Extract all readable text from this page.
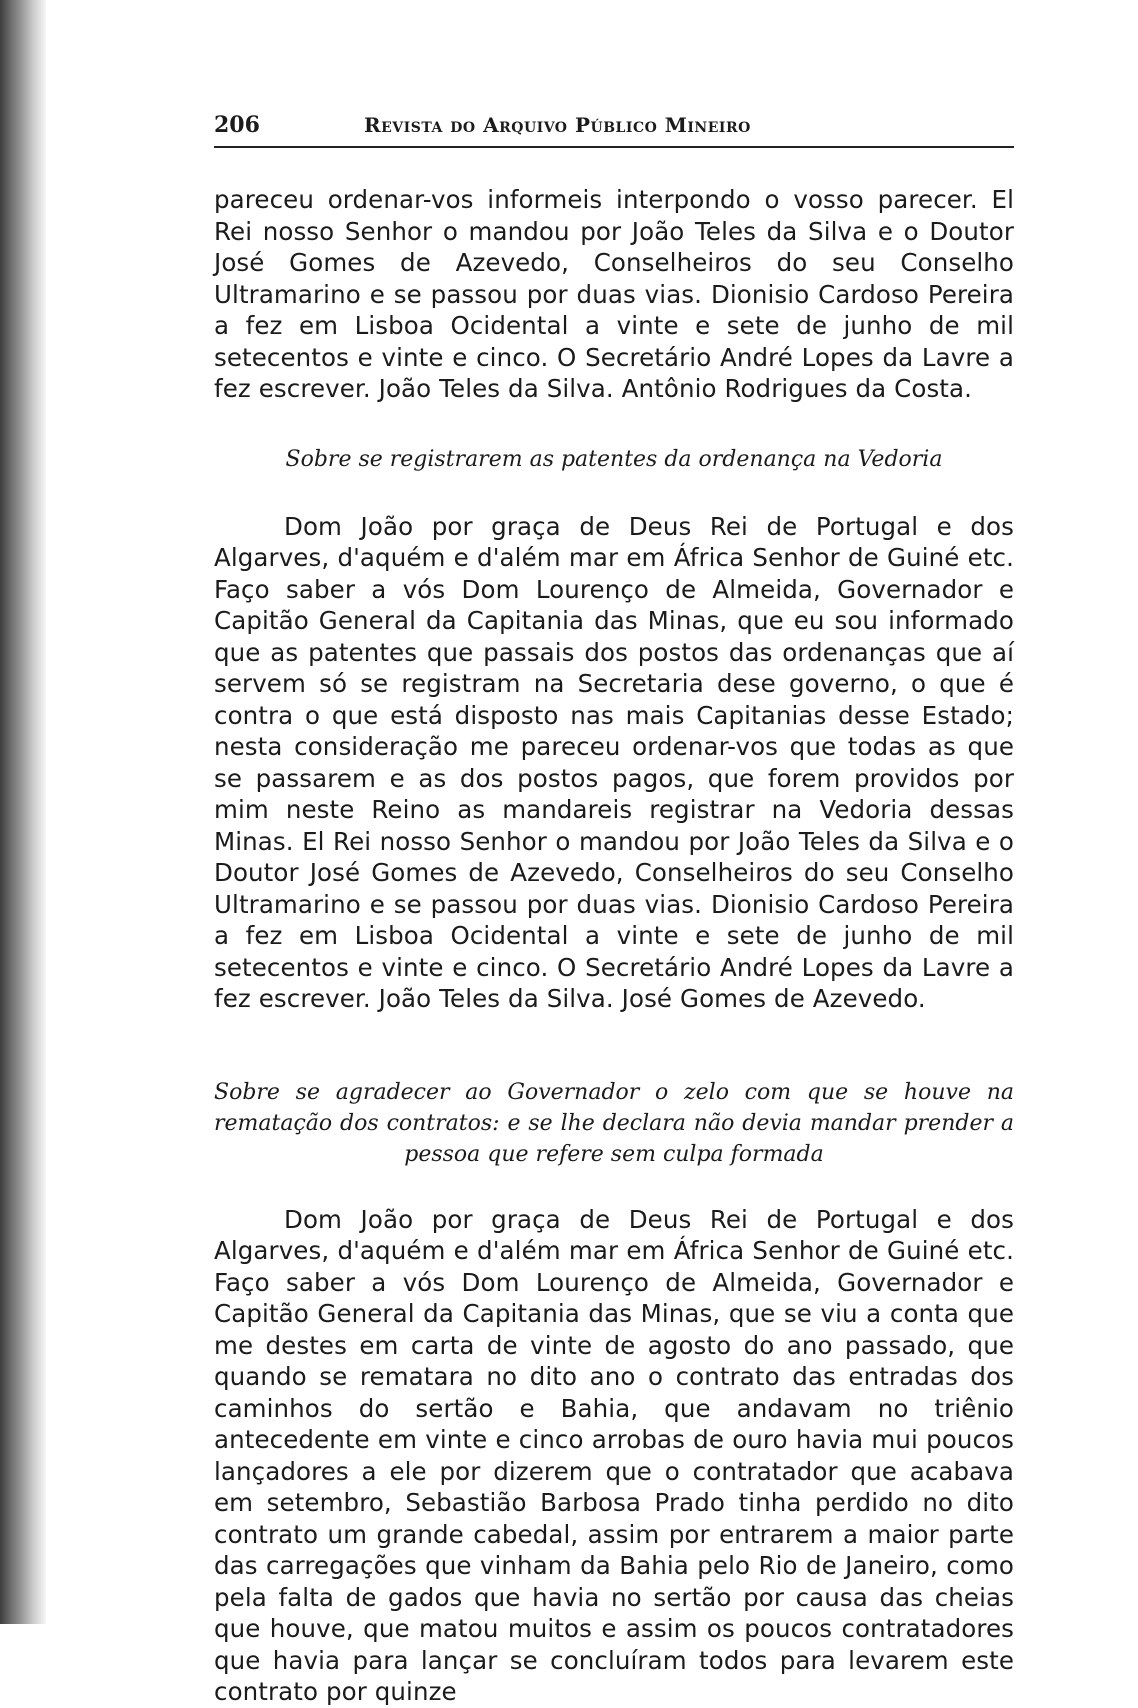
206	Revista do Arquivo Público Mineiro

pareceu ordenar-vos informeis interpondo o vosso parecer. El Rei nosso Senhor o mandou por João Teles da Silva e o Doutor José Gomes de Azevedo, Conselheiros do seu Conselho Ultramarino e se passou por duas vias. Dionisio Cardoso Pereira a fez em Lisboa Ocidental a vinte e sete de junho de mil setecentos e vinte e cinco. O Secretário André Lopes da Lavre a fez escrever. João Teles da Silva. Antônio Rodrigues da Costa.

Sobre se registrarem as patentes da ordenança na Vedoria

Dom João por graça de Deus Rei de Portugal e dos Algarves, d'aquém e d'além mar em África Senhor de Guiné etc. Faço saber a vós Dom Lourenço de Almeida, Governador e Capitão General da Capitania das Minas, que eu sou informado que as patentes que passais dos postos das ordenanças que aí servem só se registram na Secretaria dese governo, o que é contra o que está disposto nas mais Capitanias desse Estado; nesta consideração me pareceu ordenar-vos que todas as que se passarem e as dos postos pagos, que forem providos por mim neste Reino as mandareis registrar na Vedoria dessas Minas. El Rei nosso Senhor o mandou por João Teles da Silva e o Doutor José Gomes de Azevedo, Conselheiros do seu Conselho Ultramarino e se passou por duas vias. Dionisio Cardoso Pereira a fez em Lisboa Ocidental a vinte e sete de junho de mil setecentos e vinte e cinco. O Secretário André Lopes da Lavre a fez escrever. João Teles da Silva. José Gomes de Azevedo.

Sobre se agradecer ao Governador o zelo com que se houve na rematação dos contratos: e se lhe declara não devia mandar prender a pessoa que refere sem culpa formada

Dom João por graça de Deus Rei de Portugal e dos Algarves, d'aquém e d'além mar em África Senhor de Guiné etc. Faço saber a vós Dom Lourenço de Almeida, Governador e Capitão General da Capitania das Minas, que se viu a conta que me destes em carta de vinte de agosto do ano passado, que quando se rematara no dito ano o contrato das entradas dos caminhos do sertão e Bahia, que andavam no triênio antecedente em vinte e cinco arrobas de ouro havia mui poucos lançadores a ele por dizerem que o contratador que acabava em setembro, Sebastião Barbosa Prado tinha perdido no dito contrato um grande cabedal, assim por entrarem a maior parte das carregações que vinham da Bahia pelo Rio de Janeiro, como pela falta de gados que havia no sertão por causa das cheias que houve, que matou muitos e assim os poucos contratadores que havia para lançar se concluíram todos para levarem este contrato por quinze
